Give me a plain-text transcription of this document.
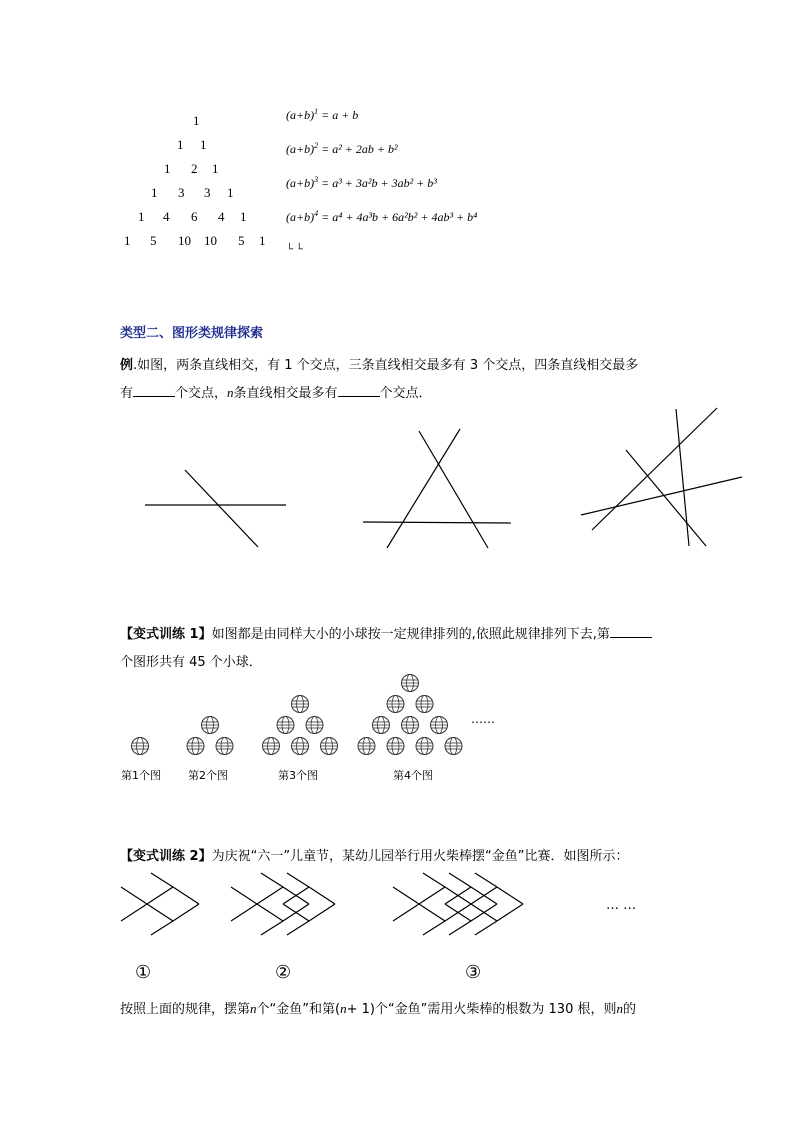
1
1 1
1 2 1
1 3 3 1
1 4 6 4 1
1 5 10 10 5 1
$(a+b)^1 = a + b$
$(a+b)^2 = a^2 + 2ab + b^2$
$(a+b)^3 = a^3 + 3a^2b + 3ab^2 + b^3$
$(a+b)^4 = a^4 + 4a^3b + 6a^2b^2 + 4ab^3 + b^4$
└ └
类型二、图形类规律探索
例.如图，两条直线相交，有 1 个交点，三条直线相交最多有 3 个交点，四条直线相交最多
有	个交点，n条直线相交最多有	个交点．
【变式训练 1】如图都是由同样大小的小球按一定规律排列的,依照此规律排列下去,第
个图形共有 45 个小球．
第1个图 第2个图	第3个图	第4个图
……
【变式训练 2】为庆祝“六一”儿童节，某幼儿园举行用火柴棒摆“金鱼”比赛．如图所示：
… …
①	②	③
按照上面的规律，摆第n个“金鱼”和第(n+ 1)个“金鱼”需用火柴棒的根数为 130 根，则n的
